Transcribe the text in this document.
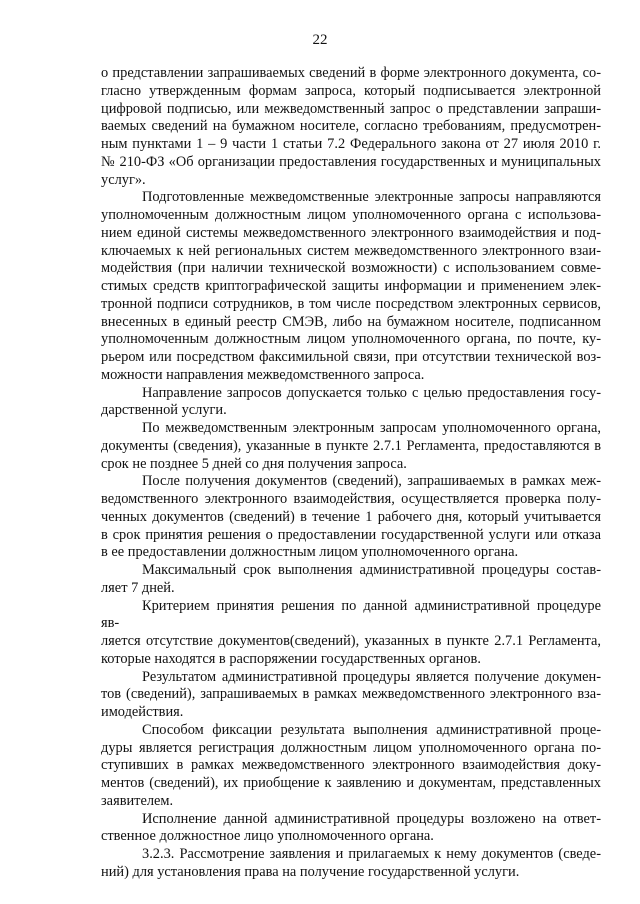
22

о представлении запрашиваемых сведений в форме электронного документа, со-
гласно утвержденным формам запроса, который подписывается электронной
цифровой подписью, или межведомственный запрос о представлении запраши-
ваемых сведений на бумажном носителе, согласно требованиям, предусмотрен-
ным пунктами 1 – 9 части 1 статьи 7.2 Федерального закона от 27 июля 2010 г.
№ 210-ФЗ «Об организации предоставления государственных и муниципальных
услуг».

Подготовленные межведомственные электронные запросы направляются
уполномоченным должностным лицом уполномоченного органа с использова-
нием единой системы межведомственного электронного взаимодействия и под-
ключаемых к ней региональных систем межведомственного электронного взаи-
модействия (при наличии технической возможности) с использованием совме-
стимых средств криптографической защиты информации и применением элек-
тронной подписи сотрудников, в том числе посредством электронных сервисов,
внесенных в единый реестр СМЭВ, либо на бумажном носителе, подписанном
уполномоченным должностным лицом уполномоченного органа, по почте, ку-
рьером или посредством факсимильной связи, при отсутствии технической воз-
можности направления межведомственного запроса.

Направление запросов допускается только с целью предоставления госу-
дарственной услуги.

По межведомственным электронным запросам уполномоченного органа,
документы (сведения), указанные в пункте 2.7.1 Регламента, предоставляются в
срок не позднее 5 дней со дня получения запроса.

После получения документов (сведений), запрашиваемых в рамках меж-
ведомственного электронного взаимодействия, осуществляется проверка полу-
ченных документов (сведений) в течение 1 рабочего дня, который учитывается
в срок принятия решения о предоставлении государственной услуги или отказа
в ее предоставлении должностным лицом уполномоченного органа.

Максимальный срок выполнения административной процедуры состав-
ляет 7 дней.

Критерием принятия решения по данной административной процедуре яв-
ляется отсутствие документов(сведений), указанных в пункте 2.7.1 Регламента,
которые находятся в распоряжении государственных органов.

Результатом административной процедуры является получение докумен-
тов (сведений), запрашиваемых в рамках межведомственного электронного вза-
имодействия.

Способом фиксации результата выполнения административной проце-
дуры является регистрация должностным лицом уполномоченного органа по-
ступивших в рамках межведомственного электронного взаимодействия доку-
ментов (сведений), их приобщение к заявлению и документам, представленных
заявителем.

Исполнение данной административной процедуры возложено на ответ-
ственное должностное лицо уполномоченного органа.

3.2.3. Рассмотрение заявления и прилагаемых к нему документов (сведе-
ний) для установления права на получение государственной услуги.
